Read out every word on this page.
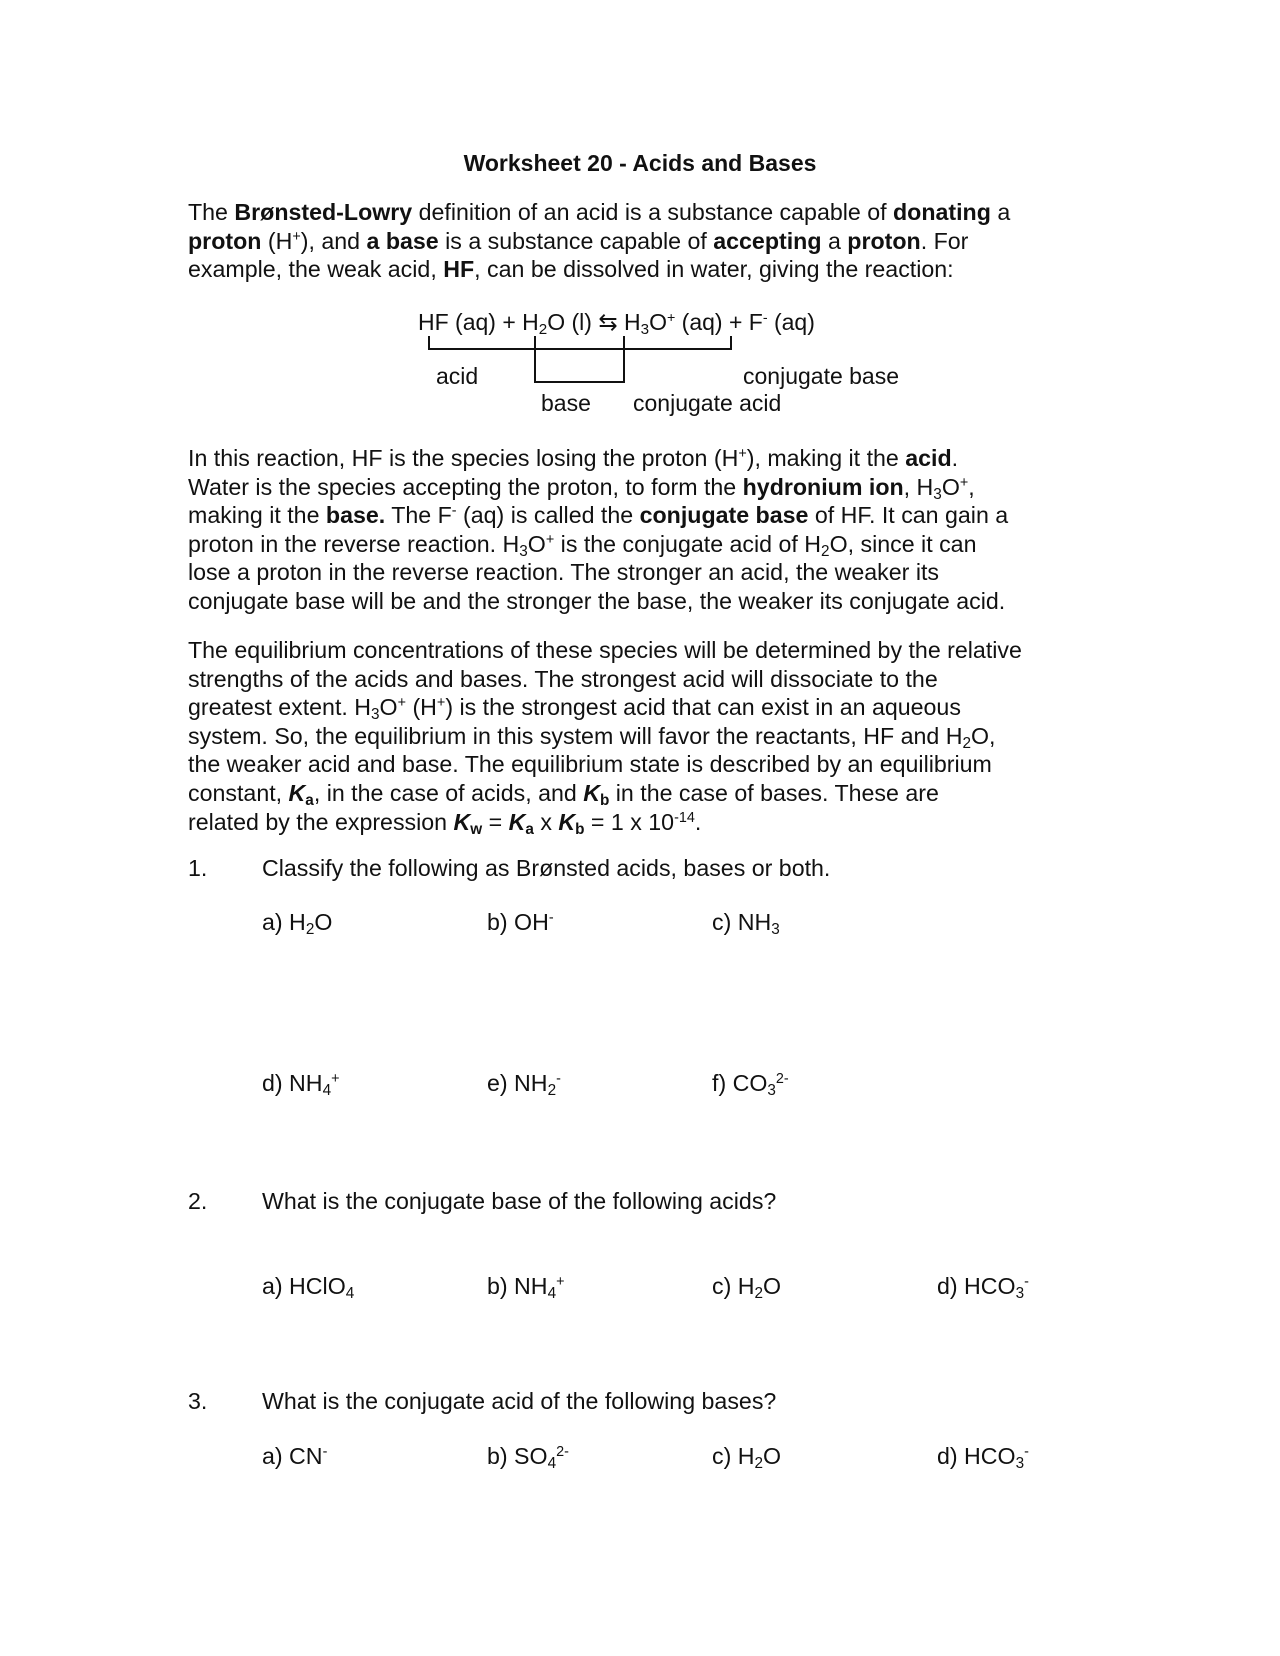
Worksheet 20 - Acids and Bases
The Brønsted-Lowry definition of an acid is a substance capable of donating a
proton (H+), and a base is a substance capable of accepting a proton. For
example, the weak acid, HF, can be dissolved in water, giving the reaction:
HF $(aq) + H_2O$ (l) ⇆ $H_3O^+$ (aq) + F- (aq)
acid
base conjugate acid
conjugate base
In this reaction, HF is the species losing the proton (H+), making it the acid.
Water is the species accepting the proton, to form the hydronium ion, $H_3O^+$,
making it the base. The F- (aq) is called the conjugate base of HF. It can gain a
proton in the reverse reaction. $H_3O^+$ is the conjugate acid of $H_2O$, since it can
lose a proton in the reverse reaction. The stronger an acid, the weaker its
conjugate base will be and the stronger the base, the weaker its conjugate acid.
The equilibrium concentrations of these species will be determined by the relative
strengths of the acids and bases. The strongest acid will dissociate to the
greatest extent. $H_3O^+$ (H+) is the strongest acid that can exist in an aqueous
system. So, the equilibrium in this system will favor the reactants, HF and $H_2O$,
the weaker acid and base. The equilibrium state is described by an equilibrium
constant, $K_a$, in the case of acids, and $K_b$ in the case of bases. These are
related by the expression $K_w = K_a$ x $K_b = 1$ x $10^{-14}$.
1. Classify the following as Brønsted acids, bases or both.
a) $H_2O$	b) OH-	c) $NH_3$
d) $NH_4^+$	e) $NH_2^-$	f) $CO_3^{2-}$
2. What is the conjugate base of the following acids?
a) HClO$_4$	b) $NH_4^+$	c) $H_2O$	d) $HCO_3^-$
3. What is the conjugate acid of the following bases?
a) CN-	b) $SO_4^{2-}$	c) $H_2O$	d) $HCO_3^-$
